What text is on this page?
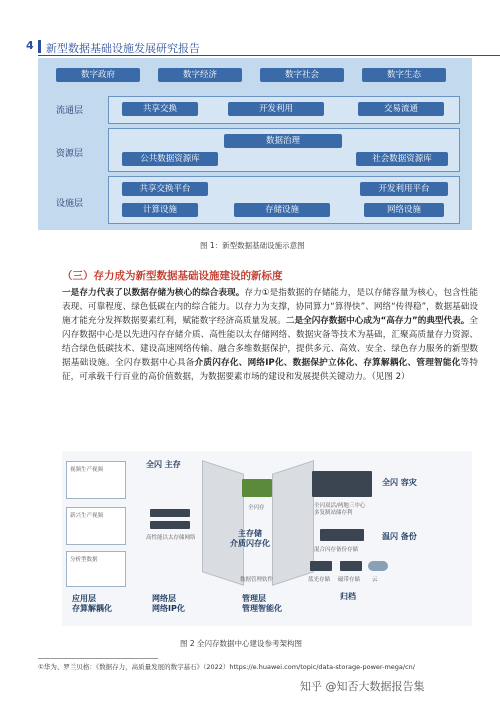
4 新型数据基础设施发展研究报告
数字政府	数字经济	数字社会	数字生态
流通层
资源层
设施层
共享交换	开发利用	交易流通
数据治理
公共数据资源库	社会数据资源库
共享交换平台	开发利用平台
计算设施	存储设施	网络设施
图 1：新型数据基础设施示意图
（三）存力成为新型数据基础设施建设的新标度
一是存力代表了以数据存储为核心的综合表现。存力①是指数据的存储能力，是以存储容量为核心，包含性能表现、可靠程度、绿色低碳在内的综合能力。以存力为支撑，协同算力“算得快”、网络“传得稳”，数据基础设施才能充分发挥数据要素红利，赋能数字经济高质量发展。二是全闪存数据中心成为“高存力”的典型代表。全闪存数据中心是以先进闪存存储介质、高性能以太存储网络、数据灾备等技术为基础，汇聚高质量存力资源、结合绿色低碳技术、建设高速网络传输、融合多维数据保护，提供多元、高效、安全、绿色存力服务的新型数据基础设施。全闪存数据中心具备介质闪存化、网络IP化、数据保护立体化、存算解耦化、管理智能化等特征，可承载千行百业的高价值数据，为数据要素市场的建设和发展提供关键动力。（见图 2）
视频生产视频
新兴生产视频
分析型数据
应用层
存算解耦化
高性能以太存储网络
网络层
网络IP化
全闪 主存
全闪存
主存储
介质闪存化
数据管理软件
管理层
管理智能化
全闪 容灾
全闪双活/两地三中心
多复制站储存利
温闪 备份
混合闪存备份存储
蓝光存储 磁带存储 云
归档
图 2 全闪存数据中心建设参考架构图
①华为、罗兰贝格：《数据存力，高质量发展的数字基石》（2022）https://e.huawei.com/topic/data-storage-power-mega/cn/
知乎 @知否大数据报告集
